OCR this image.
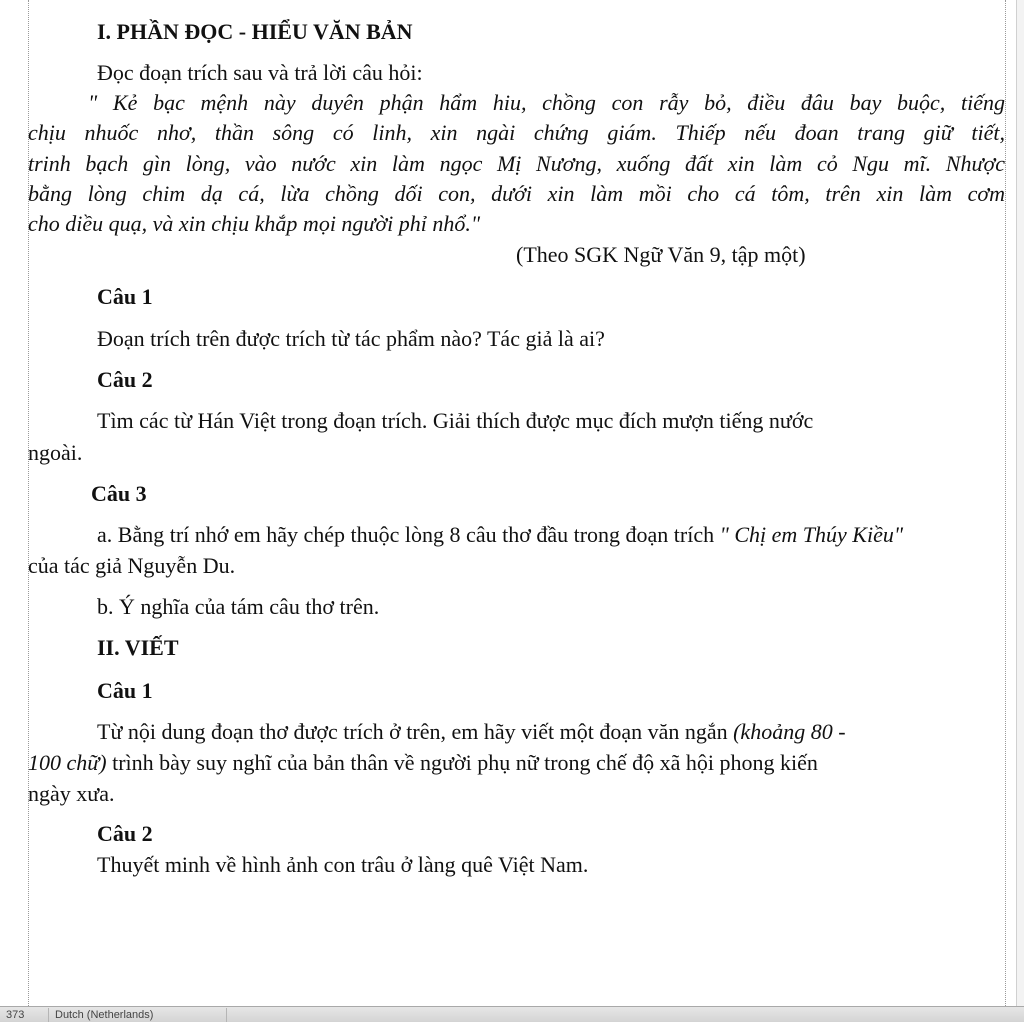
I. PHẦN ĐỌC - HIỂU VĂN BẢN
Đọc đoạn trích sau và trả lời câu hỏi:
" Kẻ bạc mệnh này duyên phận hẩm hiu, chồng con rẫy bỏ, điều đâu bay buộc, tiếng
chịu nhuốc nhơ, thần sông có linh, xin ngài chứng giám. Thiếp nếu đoan trang giữ tiết,
trinh bạch gìn lòng, vào nước xin làm ngọc Mị Nương, xuống đất xin làm cỏ Ngu mĩ. Nhược
bằng lòng chim dạ cá, lừa chồng dối con, dưới xin làm mồi cho cá tôm, trên xin làm cơm
cho diều quạ, và xin chịu khắp mọi người phỉ nhổ."
(Theo SGK Ngữ Văn 9, tập một)
Câu 1
Đoạn trích trên được trích từ tác phẩm nào? Tác giả là ai?
Câu 2
Tìm các từ Hán Việt trong đoạn trích. Giải thích được mục đích mượn tiếng nước
ngoài.
Câu 3
a. Bằng trí nhớ em hãy chép thuộc lòng 8 câu thơ đầu trong đoạn trích " Chị em Thúy Kiều"
của tác giả Nguyễn Du.
b. Ý nghĩa của tám câu thơ trên.
II. VIẾT
Câu 1
Từ nội dung đoạn thơ được trích ở trên, em hãy viết một đoạn văn ngắn (khoảng 80 -
100 chữ) trình bày suy nghĩ của bản thân về người phụ nữ trong chế độ xã hội phong kiến
ngày xưa.
Câu 2
Thuyết minh về hình ảnh con trâu ở làng quê Việt Nam.
373	Dutch (Netherlands)
